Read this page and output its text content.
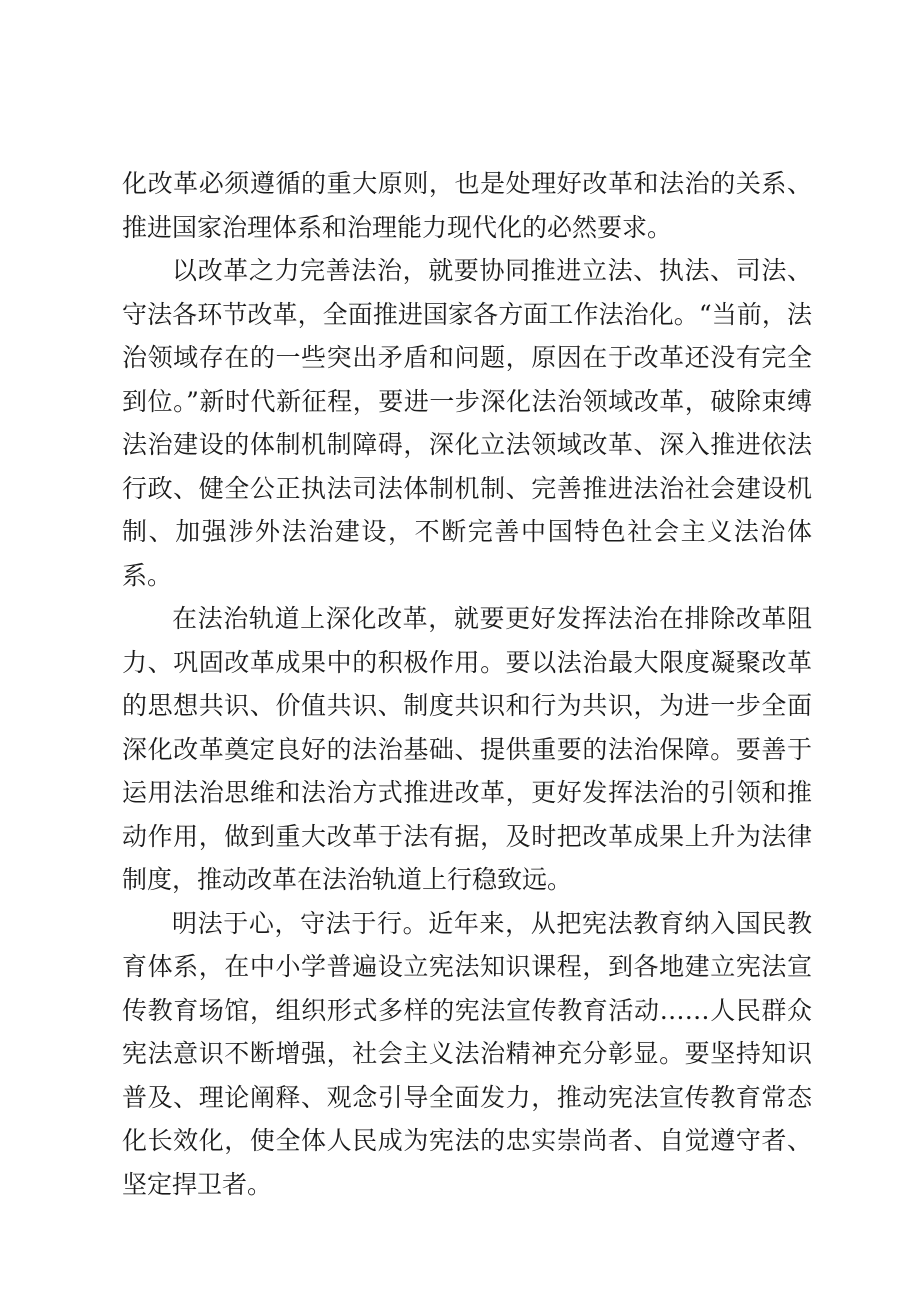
化改革必须遵循的重大原则，也是处理好改革和法治的关系、推进国家治理体系和治理能力现代化的必然要求。

以改革之力完善法治，就要协同推进立法、执法、司法、守法各环节改革，全面推进国家各方面工作法治化。“当前，法治领域存在的一些突出矛盾和问题，原因在于改革还没有完全到位。”新时代新征程，要进一步深化法治领域改革，破除束缚法治建设的体制机制障碍，深化立法领域改革、深入推进依法行政、健全公正执法司法体制机制、完善推进法治社会建设机制、加强涉外法治建设，不断完善中国特色社会主义法治体系。

在法治轨道上深化改革，就要更好发挥法治在排除改革阻力、巩固改革成果中的积极作用。要以法治最大限度凝聚改革的思想共识、价值共识、制度共识和行为共识，为进一步全面深化改革奠定良好的法治基础、提供重要的法治保障。要善于运用法治思维和法治方式推进改革，更好发挥法治的引领和推动作用，做到重大改革于法有据，及时把改革成果上升为法律制度，推动改革在法治轨道上行稳致远。

明法于心，守法于行。近年来，从把宪法教育纳入国民教育体系，在中小学普遍设立宪法知识课程，到各地建立宪法宣传教育场馆，组织形式多样的宪法宣传教育活动……人民群众宪法意识不断增强，社会主义法治精神充分彰显。要坚持知识普及、理论阐释、观念引导全面发力，推动宪法宣传教育常态化长效化，使全体人民成为宪法的忠实崇尚者、自觉遵守者、坚定捍卫者。
